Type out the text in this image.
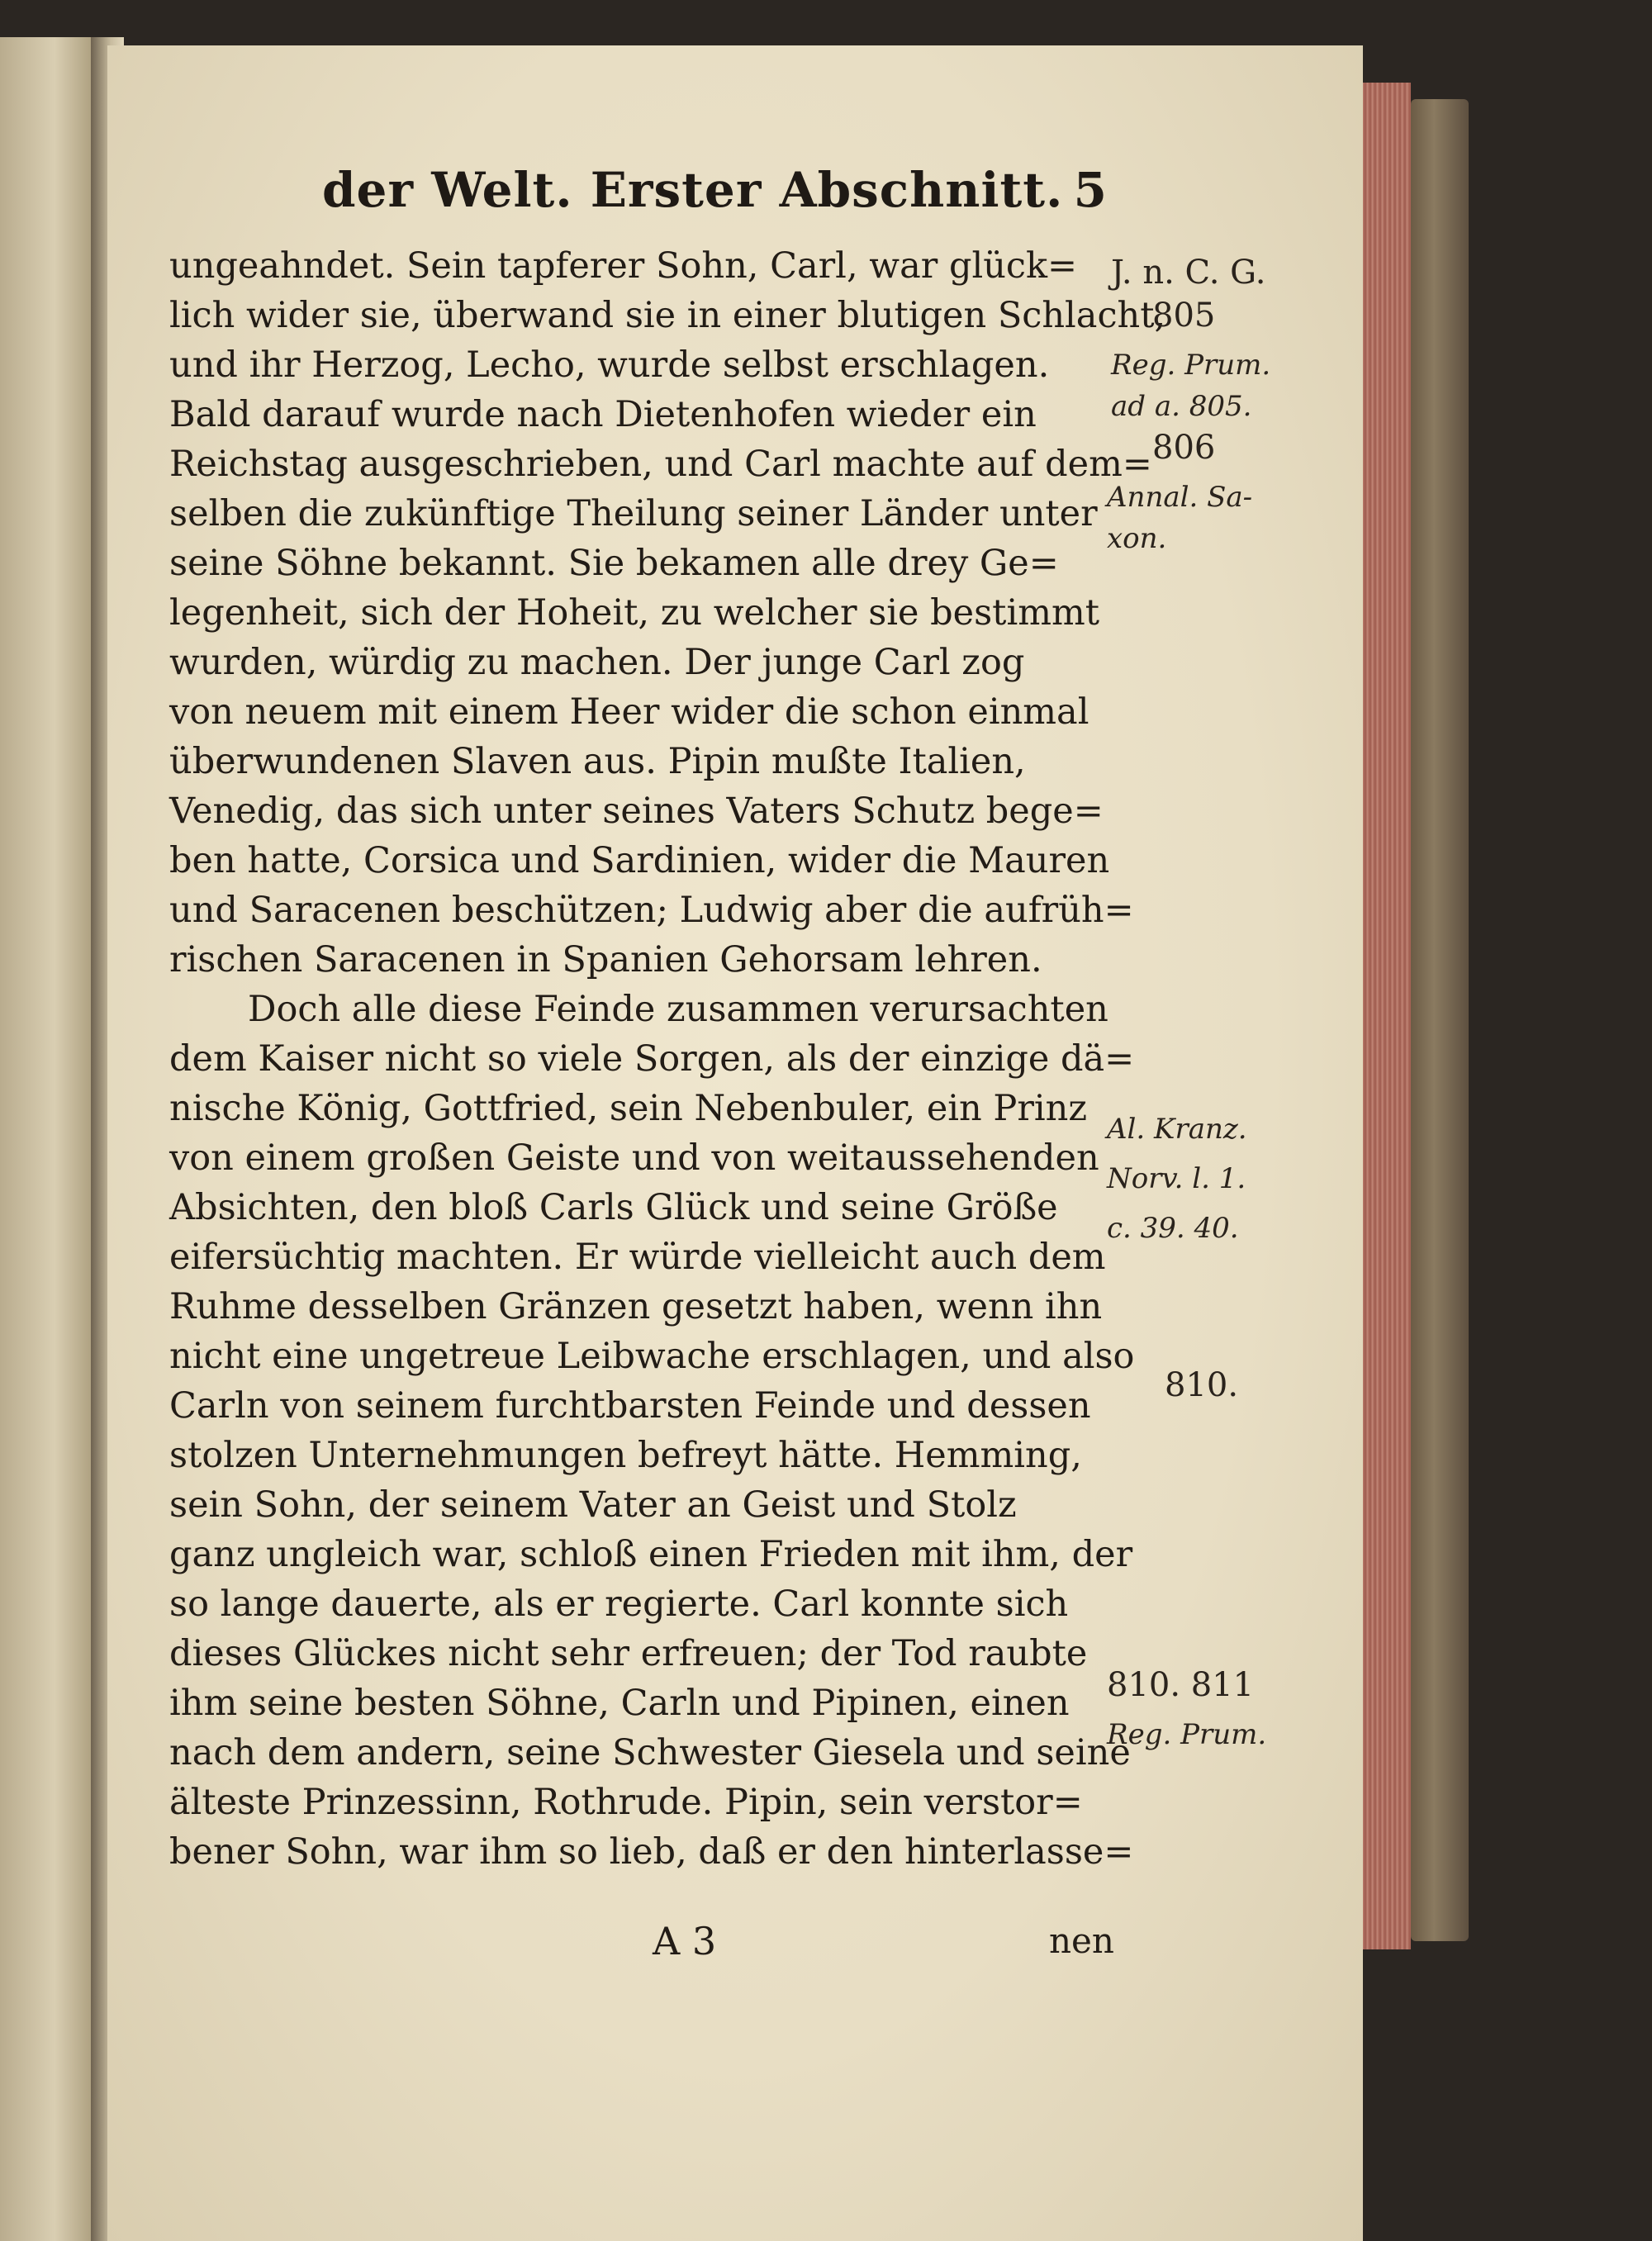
der Welt. Erster Abschnitt. 5
ungeahndet. Sein tapferer Sohn, Carl, war glück=
lich wider sie, überwand sie in einer blutigen Schlacht,
und ihr Herzog, Lecho, wurde selbst erschlagen.
Bald darauf wurde nach Dietenhofen wieder ein
Reichstag ausgeschrieben, und Carl machte auf dem=
selben die zukünftige Theilung seiner Länder unter
seine Söhne bekannt. Sie bekamen alle drey Ge=
legenheit, sich der Hoheit, zu welcher sie bestimmt
wurden, würdig zu machen. Der junge Carl zog
von neuem mit einem Heer wider die schon einmal
überwundenen Slaven aus. Pipin mußte Italien,
Venedig, das sich unter seines Vaters Schutz bege=
ben hatte, Corsica und Sardinien, wider die Mauren
und Saracenen beschützen; Ludwig aber die aufrüh=
rischen Saracenen in Spanien Gehorsam lehren.
Doch alle diese Feinde zusammen verursachten
dem Kaiser nicht so viele Sorgen, als der einzige dä=
nische König, Gottfried, sein Nebenbuler, ein Prinz
von einem großen Geiste und von weitaussehenden
Absichten, den bloß Carls Glück und seine Größe
eifersüchtig machten. Er würde vielleicht auch dem
Ruhme desselben Gränzen gesetzt haben, wenn ihn
nicht eine ungetreue Leibwache erschlagen, und also
Carln von seinem furchtbarsten Feinde und dessen
stolzen Unternehmungen befreyt hätte. Hemming,
sein Sohn, der seinem Vater an Geist und Stolz
ganz ungleich war, schloß einen Frieden mit ihm, der
so lange dauerte, als er regierte. Carl konnte sich
dieses Glückes nicht sehr erfreuen; der Tod raubte
ihm seine besten Söhne, Carln und Pipinen, einen
nach dem andern, seine Schwester Giesela und seine
älteste Prinzessinn, Rothrude. Pipin, sein verstor=
bener Sohn, war ihm so lieb, daß er den hinterlasse=
A 3	nen
J. n. C. G.
805
Reg. Prum.
ad a. 805.
806
Annal. Sa-
xon.
Al. Kranz.
Norv. l. 1.
c. 39. 40.
810.
810. 811
Reg. Prum.
